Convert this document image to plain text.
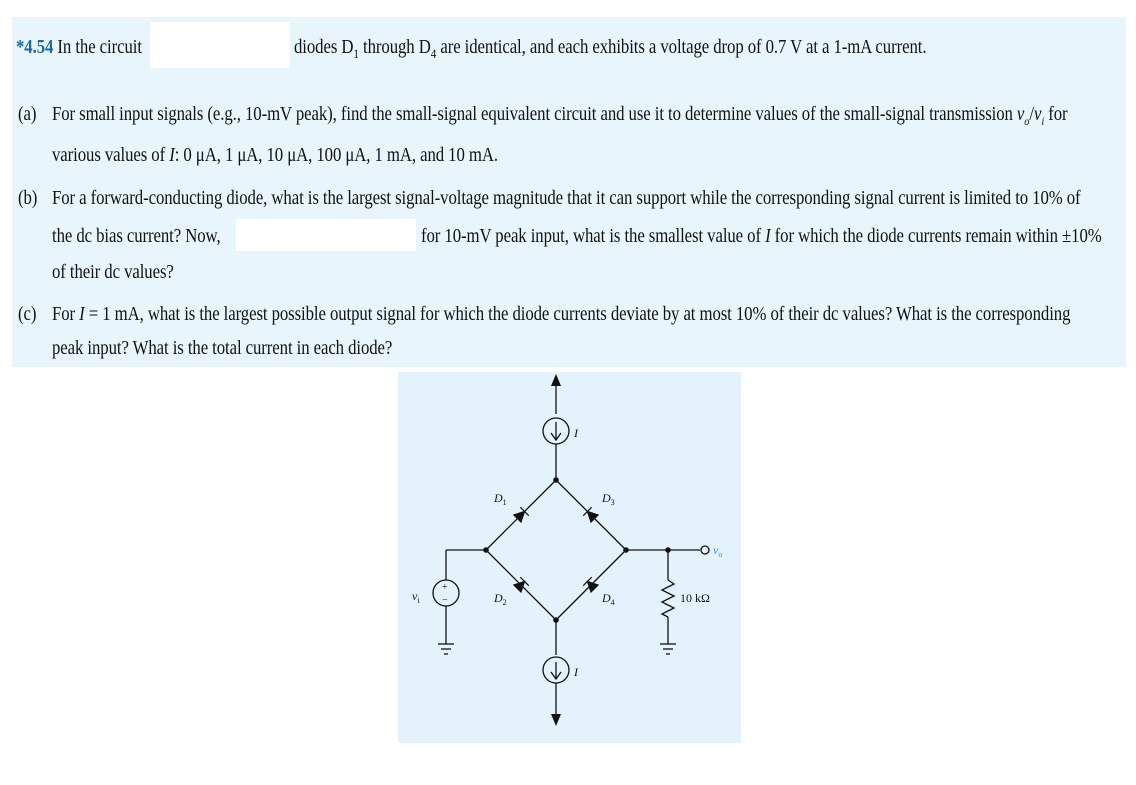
*4.54 In the circuit	diodes $D_1$ through $D_4$ are identical, and each exhibits a voltage drop of 0.7 V at a 1-mA current.
(a) For small input signals (e.g., 10-mV peak), find the small-signal equivalent circuit and use it to determine values of the small-signal transmission $v_o/v_i$ for
various values of I: 0 μA, 1 μA, 10 μA, 100 μA, 1 mA, and 10 mA.
(b) For a forward-conducting diode, what is the largest signal-voltage magnitude that it can support while the corresponding signal current is limited to 10% of
the dc bias current? Now,	for 10-mV peak input, what is the smallest value of I for which the diode currents remain within ±10%
of their dc values?
(c) For I = 1 mA, what is the largest possible output signal for which the diode currents deviate by at most 10% of their dc values? What is the corresponding
peak input? What is the total current in each diode?
I
I
$D_1$	$D_3$
$D_2$	$D_4$
$v_i$
+
−
$v_o$
10 kΩ
